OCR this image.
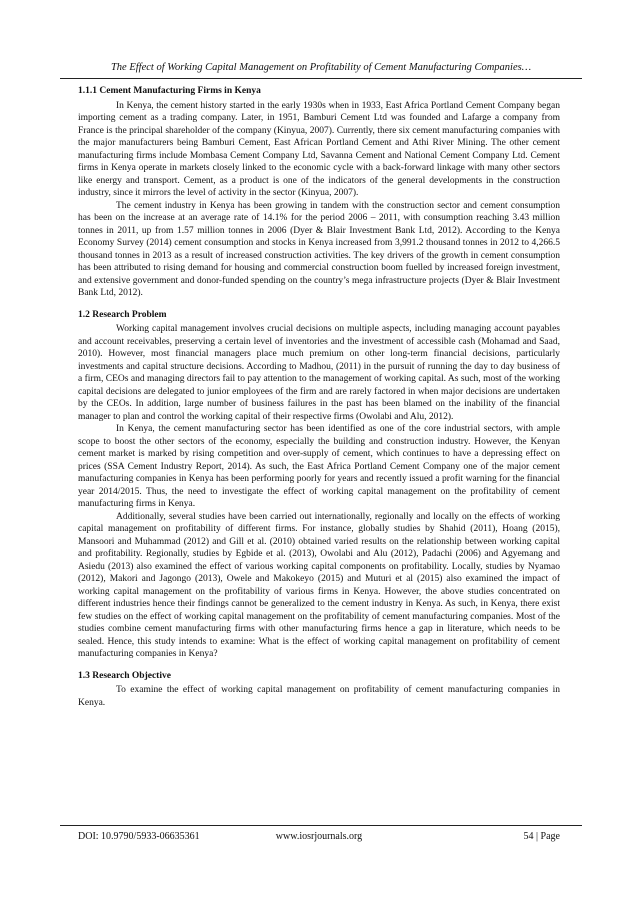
The Effect of Working Capital Management on Profitability of Cement Manufacturing Companies…
1.1.1 Cement Manufacturing Firms in Kenya

In Kenya, the cement history started in the early 1930s when in 1933, East Africa Portland Cement Company began importing cement as a trading company. Later, in 1951, Bamburi Cement Ltd was founded and Lafarge a company from France is the principal shareholder of the company (Kinyua, 2007). Currently, there six cement manufacturing companies with the major manufacturers being Bamburi Cement, East African Portland Cement and Athi River Mining. The other cement manufacturing firms include Mombasa Cement Company Ltd, Savanna Cement and National Cement Company Ltd. Cement firms in Kenya operate in markets closely linked to the economic cycle with a back-forward linkage with many other sectors like energy and transport. Cement, as a product is one of the indicators of the general developments in the construction industry, since it mirrors the level of activity in the sector (Kinyua, 2007).

The cement industry in Kenya has been growing in tandem with the construction sector and cement consumption has been on the increase at an average rate of 14.1% for the period 2006 – 2011, with consumption reaching 3.43 million tonnes in 2011, up from 1.57 million tonnes in 2006 (Dyer & Blair Investment Bank Ltd, 2012). According to the Kenya Economy Survey (2014) cement consumption and stocks in Kenya increased from 3,991.2 thousand tonnes in 2012 to 4,266.5 thousand tonnes in 2013 as a result of increased construction activities. The key drivers of the growth in cement consumption has been attributed to rising demand for housing and commercial construction boom fuelled by increased foreign investment, and extensive government and donor-funded spending on the country’s mega infrastructure projects (Dyer & Blair Investment Bank Ltd, 2012).

1.2 Research Problem

Working capital management involves crucial decisions on multiple aspects, including managing account payables and account receivables, preserving a certain level of inventories and the investment of accessible cash (Mohamad and Saad, 2010). However, most financial managers place much premium on other long-term financial decisions, particularly investments and capital structure decisions. According to Madhou, (2011) in the pursuit of running the day to day business of a firm, CEOs and managing directors fail to pay attention to the management of working capital. As such, most of the working capital decisions are delegated to junior employees of the firm and are rarely factored in when major decisions are undertaken by the CEOs. In addition, large number of business failures in the past has been blamed on the inability of the financial manager to plan and control the working capital of their respective firms (Owolabi and Alu, 2012).

In Kenya, the cement manufacturing sector has been identified as one of the core industrial sectors, with ample scope to boost the other sectors of the economy, especially the building and construction industry. However, the Kenyan cement market is marked by rising competition and over-supply of cement, which continues to have a depressing effect on prices (SSA Cement Industry Report, 2014). As such, the East Africa Portland Cement Company one of the major cement manufacturing companies in Kenya has been performing poorly for years and recently issued a profit warning for the financial year 2014/2015. Thus, the need to investigate the effect of working capital management on the profitability of cement manufacturing firms in Kenya.

Additionally, several studies have been carried out internationally, regionally and locally on the effects of working capital management on profitability of different firms. For instance, globally studies by Shahid (2011), Hoang (2015), Mansoori and Muhammad (2012) and Gill et al. (2010) obtained varied results on the relationship between working capital and profitability. Regionally, studies by Egbide et al. (2013), Owolabi and Alu (2012), Padachi (2006) and Agyemang and Asiedu (2013) also examined the effect of various working capital components on profitability. Locally, studies by Nyamao (2012), Makori and Jagongo (2013), Owele and Makokeyo (2015) and Muturi et al (2015) also examined the impact of working capital management on the profitability of various firms in Kenya. However, the above studies concentrated on different industries hence their findings cannot be generalized to the cement industry in Kenya. As such, in Kenya, there exist few studies on the effect of working capital management on the profitability of cement manufacturing companies. Most of the studies combine cement manufacturing firms with other manufacturing firms hence a gap in literature, which needs to be sealed. Hence, this study intends to examine: What is the effect of working capital management on profitability of cement manufacturing companies in Kenya?

1.3 Research Objective

To examine the effect of working capital management on profitability of cement manufacturing companies in Kenya.

DOI: 10.9790/5933-06635361	www.iosrjournals.org	54 | Page
